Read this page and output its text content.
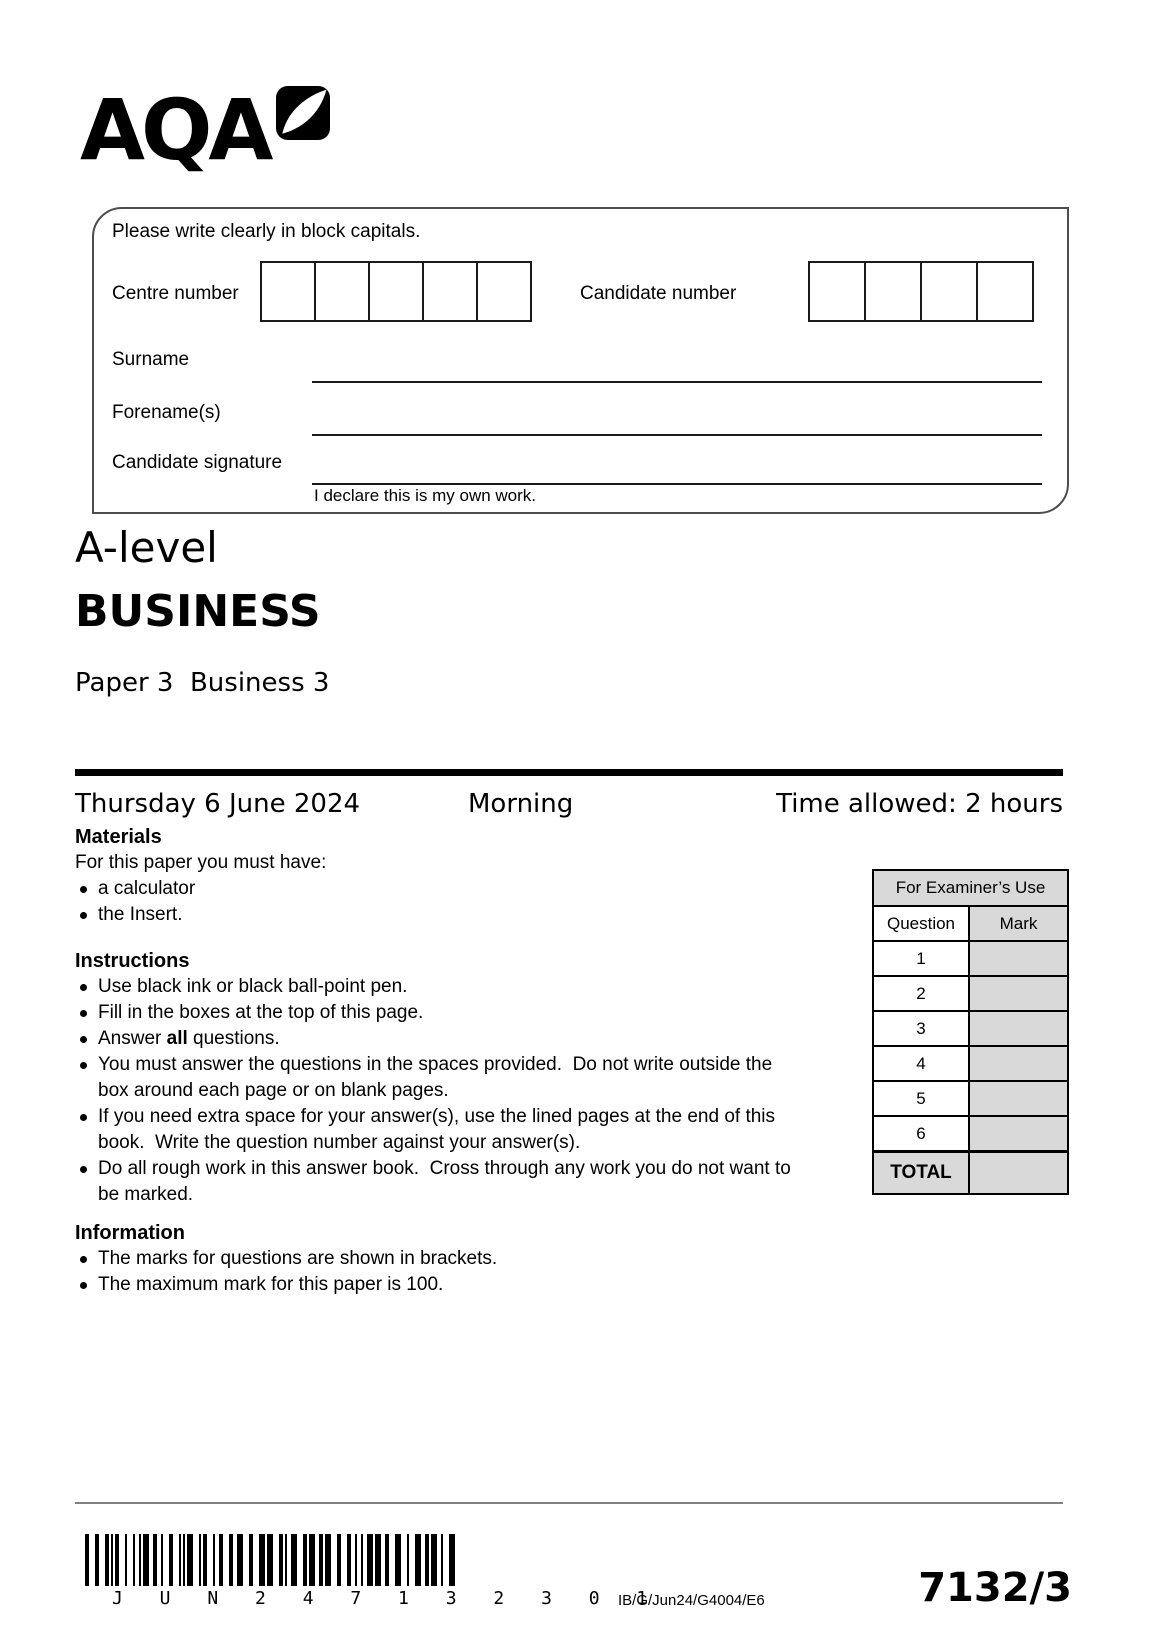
AQA
Please write clearly in block capitals.
Centre number	Candidate number
Surname
Forename(s)
Candidate signature
I declare this is my own work.
A-level
BUSINESS
Paper 3  Business 3
Thursday 6 June 2024	Morning	Time allowed: 2 hours
Materials

For this paper you must have:

a calculator
the Insert.
Instructions
Use black ink or black ball-point pen.
Fill in the boxes at the top of this page.
Answer all questions.
You must answer the questions in the spaces provided.  Do not write outside the box around each page or on blank pages.
If you need extra space for your answer(s), use the lined pages at the end of this book.  Write the question number against your answer(s).
Do all rough work in this answer book.  Cross through any work you do not want to be marked.
Information
The marks for questions are shown in brackets.
The maximum mark for this paper is 100.
For Examiner’s Use
Question	Mark
1
2
3
4
5
6
TOTAL
J U N 2 4 7 1 3 2 3 0 1
IB/G/Jun24/G4004/E6	7132/3
